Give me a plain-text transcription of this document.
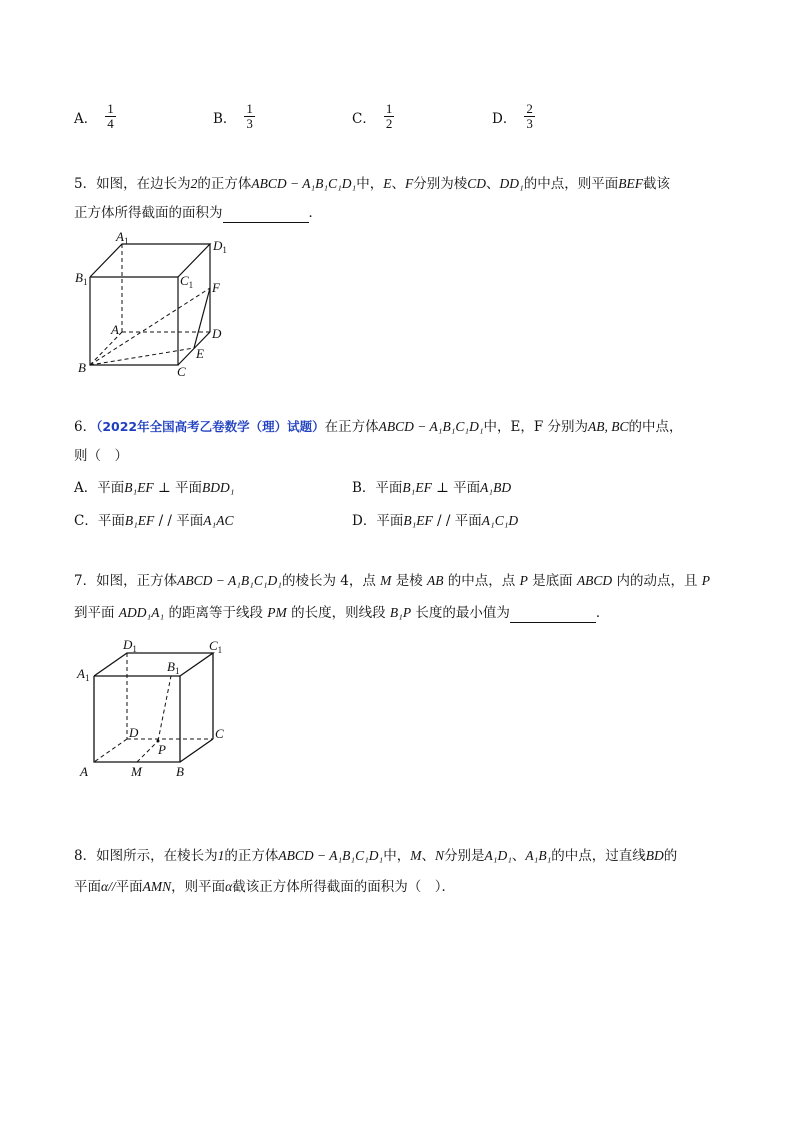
A． $\frac{1}{4}$	B． $\frac{1}{3}$	C． $\frac{1}{2}$	D． $\frac{2}{3}$
5．如图，在边长为2的正方体ABCD − A₁B₁C₁D₁中，E、F分别为棱CD、DD₁的中点，则平面BEF截该
正方体所得截面的面积为	．
$A_1$	$D_1$
$B_1$	$C_1$ F
A	D
E
B	C
6．（2022年全国高考乙卷数学（理）试题）在正方体ABCD − A₁B₁C₁D₁中，E，F 分别为AB, BC的中点，
则（　）
A．平面B₁EF ⊥ 平面BDD₁	B．平面B₁EF ⊥ 平面A₁BD
C．平面B₁EF / / 平面A₁AC	D．平面B₁EF / / 平面A₁C₁D
7．如图，正方体ABCD − A₁B₁C₁D₁的棱长为 4，点 M 是棱 AB 的中点，点 P 是底面 ABCD 内的动点，且 P
到平面 ADD₁A₁ 的距离等于线段 PM 的长度，则线段 B₁P 长度的最小值为	．
$D_1$	$C_1$
$A_1$
$B_1$
D	C
P
A	M	B
8．如图所示，在棱长为1的正方体ABCD − A₁B₁C₁D₁中，M、N分别是A₁D₁、A₁B₁的中点，过直线BD的
平面α//平面AMN，则平面α截该正方体所得截面的面积为（　）．
